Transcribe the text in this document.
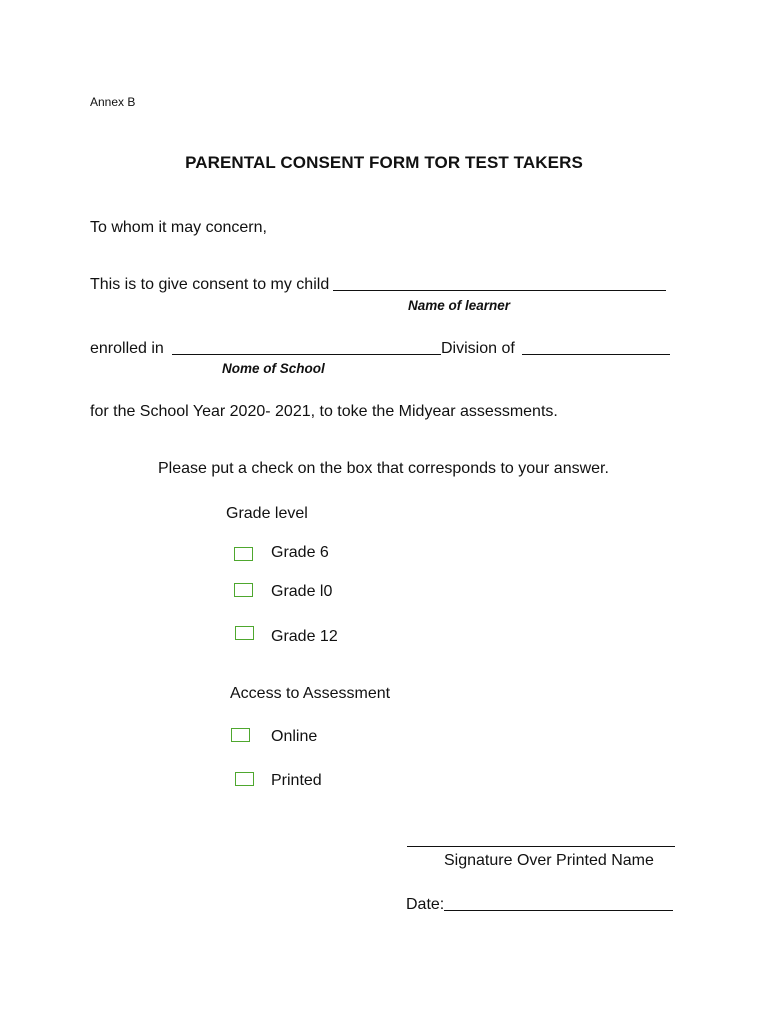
Annex B
PARENTAL CONSENT FORM TOR TEST TAKERS
To whom it may concern,
This is to give consent to my child
Name of learner
enrolled in	Division of
Nome of School
for the School Year 2020- 2021, to toke the Midyear assessments.
Please put a check on the box that corresponds to your answer.
Grade level
Grade 6
Grade l0
Grade 12
Access to Assessment
Online
Printed
Signature Over Printed Name
Date:
